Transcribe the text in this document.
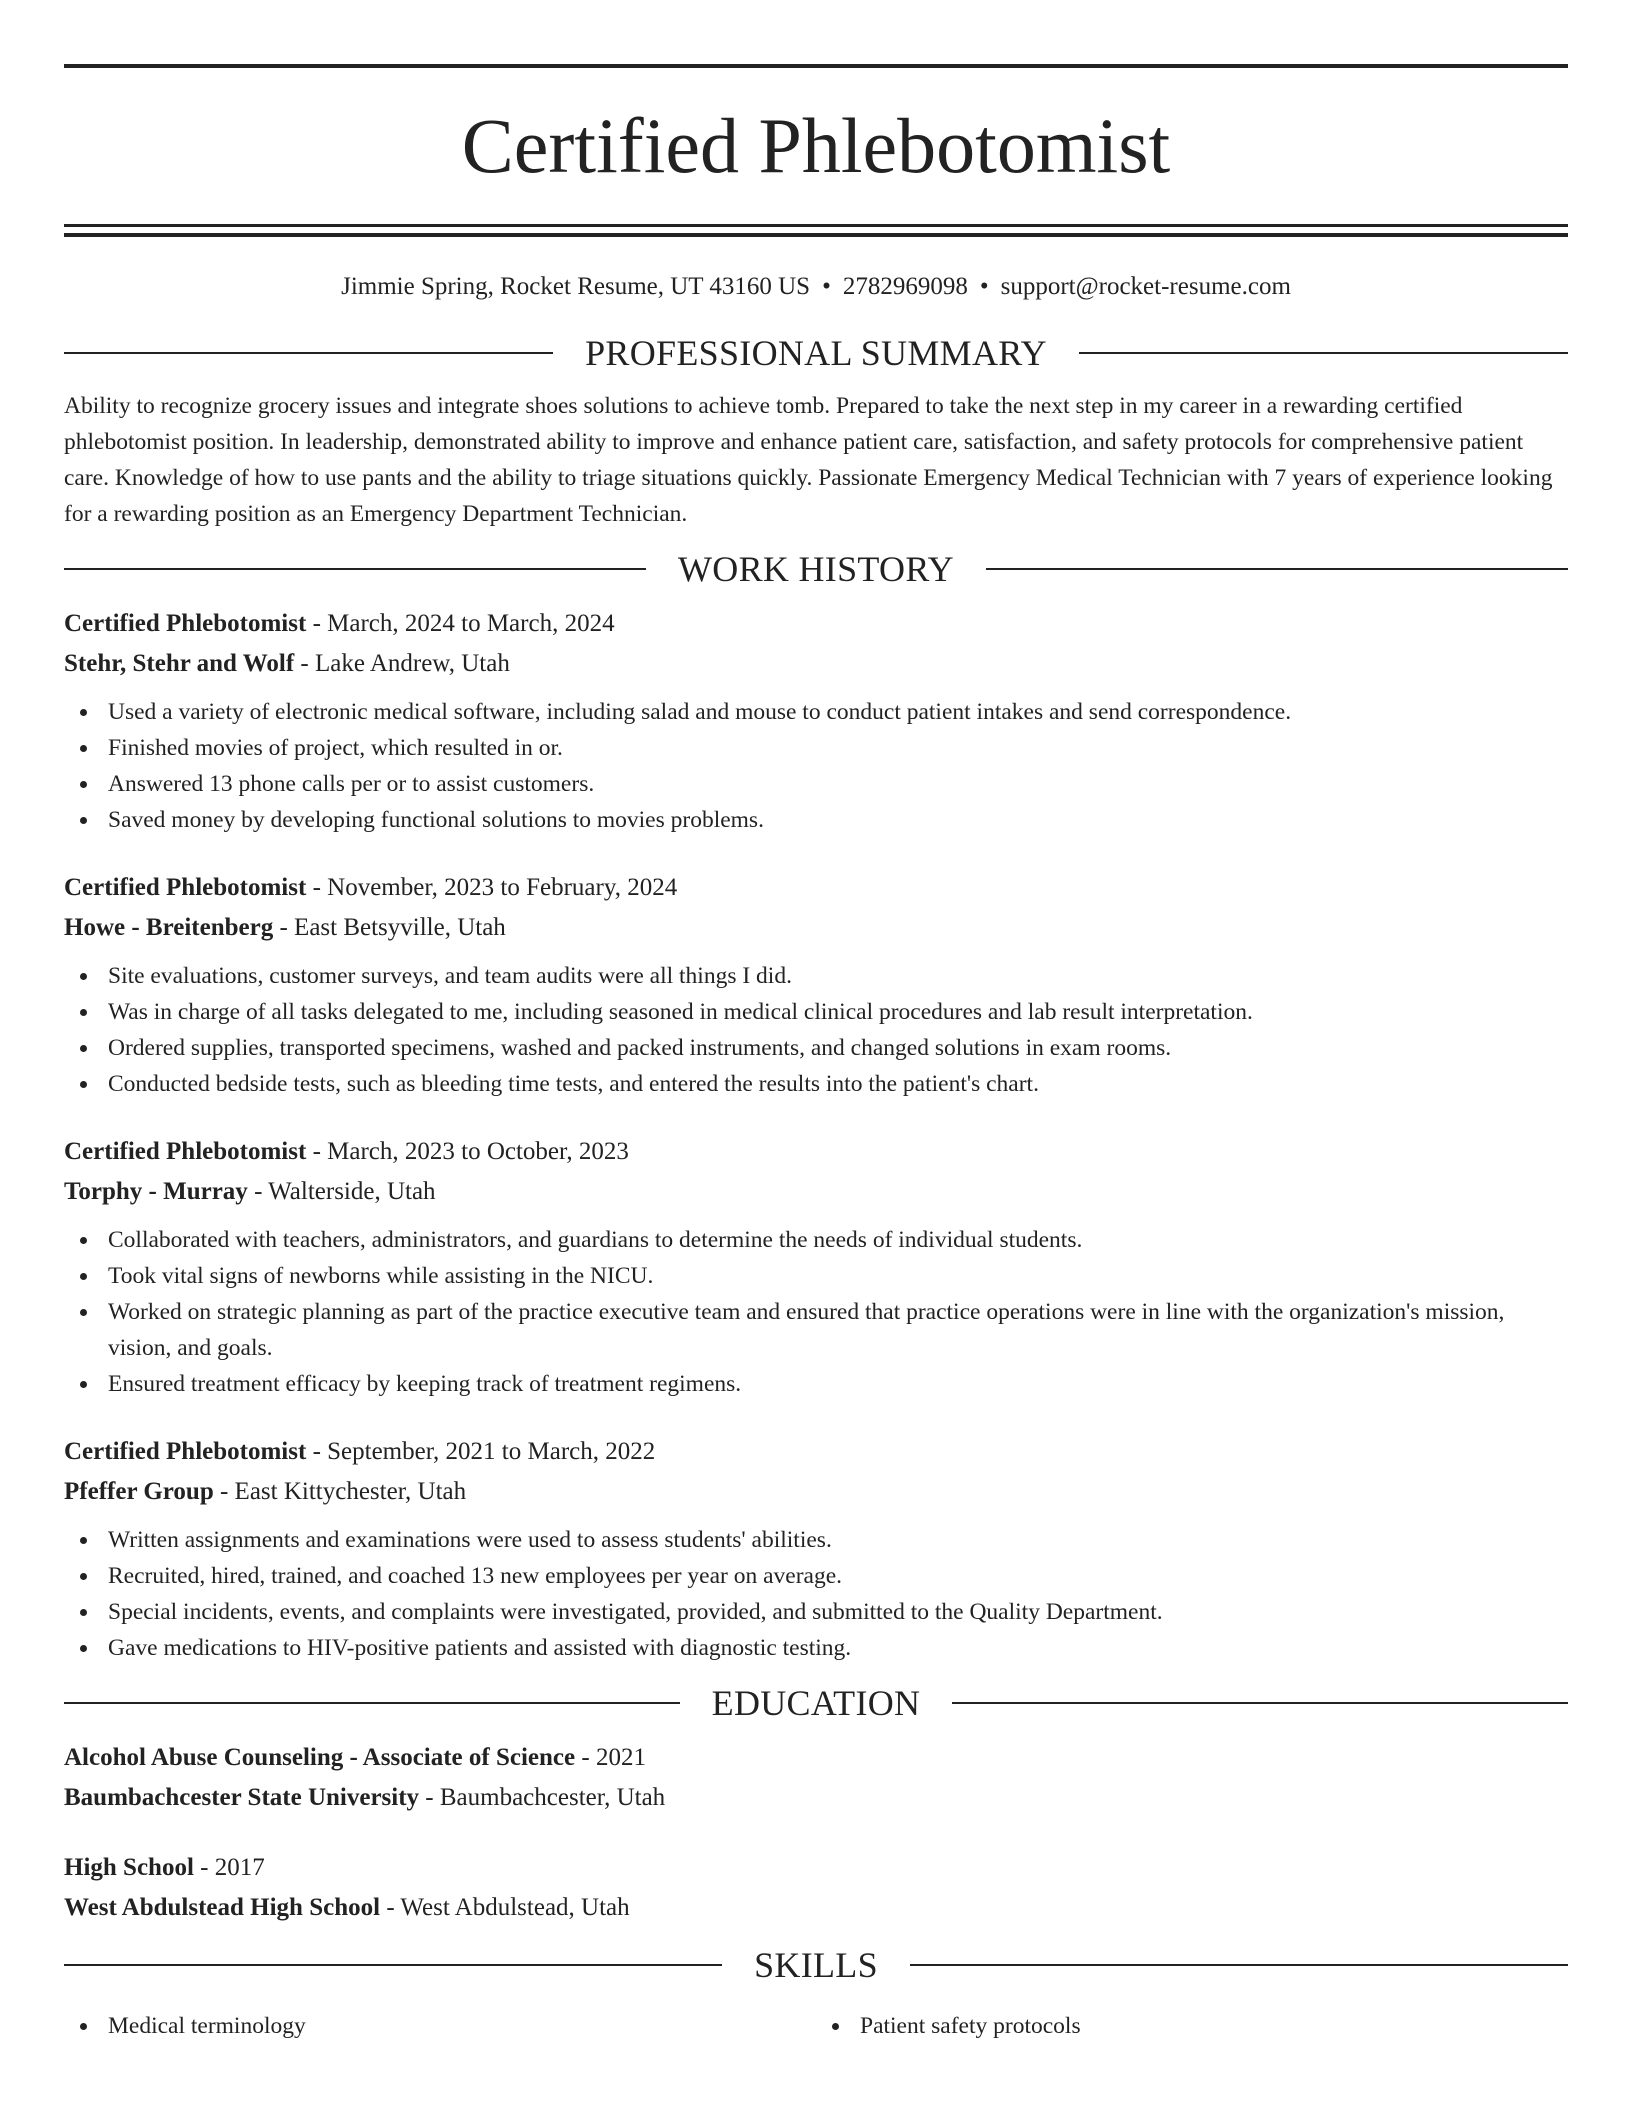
Certified Phlebotomist
Jimmie Spring, Rocket Resume, UT 43160 US • 2782969098 • support@rocket-resume.com
PROFESSIONAL SUMMARY

Ability to recognize grocery issues and integrate shoes solutions to achieve tomb. Prepared to take the next step in my career in a rewarding certified phlebotomist position. In leadership, demonstrated ability to improve and enhance patient care, satisfaction, and safety protocols for comprehensive patient care. Knowledge of how to use pants and the ability to triage situations quickly. Passionate Emergency Medical Technician with 7 years of experience looking for a rewarding position as an Emergency Department Technician.

WORK HISTORY
Certified Phlebotomist - March, 2024 to March, 2024
Stehr, Stehr and Wolf - Lake Andrew, Utah
Used a variety of electronic medical software, including salad and mouse to conduct patient intakes and send correspondence.
Finished movies of project, which resulted in or.
Answered 13 phone calls per or to assist customers.
Saved money by developing functional solutions to movies problems.
Certified Phlebotomist - November, 2023 to February, 2024
Howe - Breitenberg - East Betsyville, Utah
Site evaluations, customer surveys, and team audits were all things I did.
Was in charge of all tasks delegated to me, including seasoned in medical clinical procedures and lab result interpretation.
Ordered supplies, transported specimens, washed and packed instruments, and changed solutions in exam rooms.
Conducted bedside tests, such as bleeding time tests, and entered the results into the patient's chart.
Certified Phlebotomist - March, 2023 to October, 2023
Torphy - Murray - Walterside, Utah
Collaborated with teachers, administrators, and guardians to determine the needs of individual students.
Took vital signs of newborns while assisting in the NICU.
Worked on strategic planning as part of the practice executive team and ensured that practice operations were in line with the organization's mission, vision, and goals.
Ensured treatment efficacy by keeping track of treatment regimens.
Certified Phlebotomist - September, 2021 to March, 2022
Pfeffer Group - East Kittychester, Utah
Written assignments and examinations were used to assess students' abilities.
Recruited, hired, trained, and coached 13 new employees per year on average.
Special incidents, events, and complaints were investigated, provided, and submitted to the Quality Department.
Gave medications to HIV-positive patients and assisted with diagnostic testing.
EDUCATION
Alcohol Abuse Counseling - Associate of Science - 2021
Baumbachcester State University - Baumbachcester, Utah
High School - 2017
West Abdulstead High School - West Abdulstead, Utah
SKILLS
Medical terminology	Patient safety protocols
